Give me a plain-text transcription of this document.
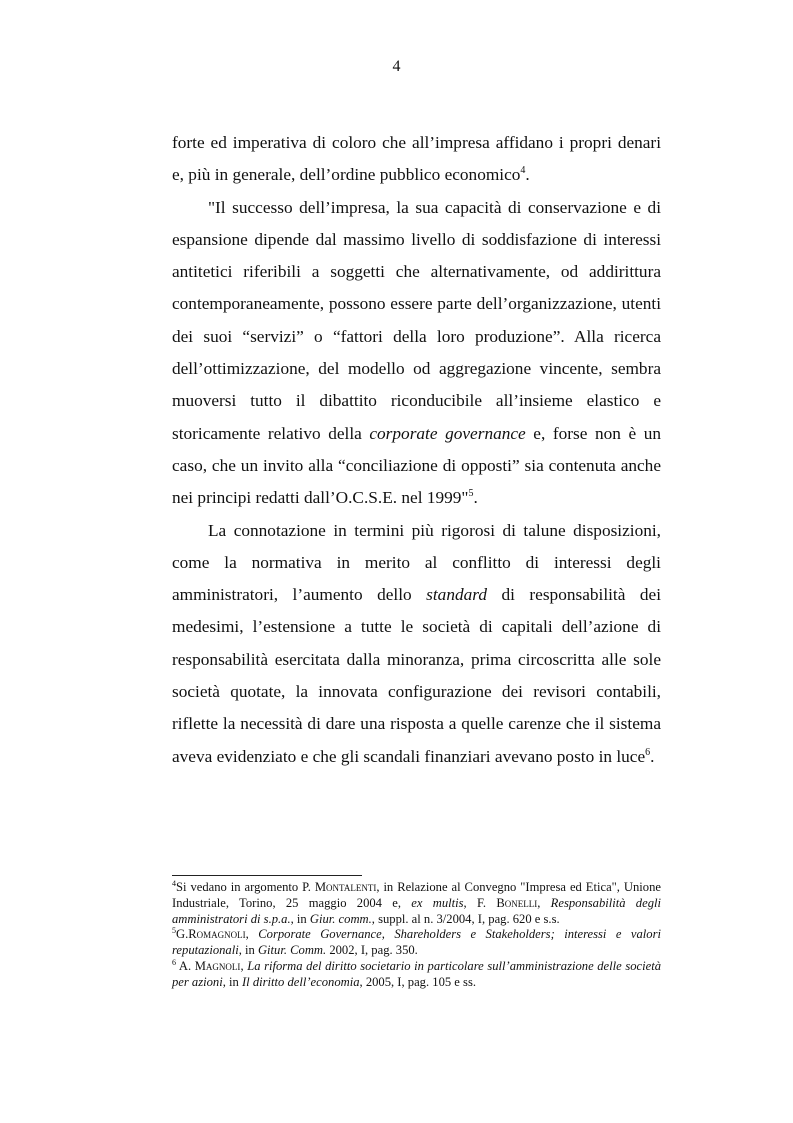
4

forte ed imperativa di coloro che all’impresa affidano i propri denari e, più in generale, dell’ordine pubblico economico$^4$.

"Il successo dell’impresa, la sua capacità di conservazione e di espansione dipende dal massimo livello di soddisfazione di interessi antitetici riferibili a soggetti che alternativamente, od addirittura contemporaneamente, possono essere parte dell’organizzazione, utenti dei suoi “servizi” o “fattori della loro produzione”. Alla ricerca dell’ottimizzazione, del modello od aggregazione vincente, sembra muoversi tutto il dibattito riconducibile all’insieme elastico e storicamente relativo della corporate governance e, forse non è un caso, che un invito alla “conciliazione di opposti” sia contenuta anche nei principi redatti dall’O.C.S.E. nel 1999"$^5$.

La connotazione in termini più rigorosi di talune disposizioni, come la normativa in merito al conflitto di interessi degli amministratori, l’aumento dello standard di responsabilità dei medesimi, l’estensione a tutte le società di capitali dell’azione di responsabilità esercitata dalla minoranza, prima circoscritta alle sole società quotate, la innovata configurazione dei revisori contabili, riflette la necessità di dare una risposta a quelle carenze che il sistema aveva evidenziato e che gli scandali finanziari avevano posto in luce$^6$.

$^4$Si vedano in argomento P. Montalenti, in Relazione al Convegno "Impresa ed Etica", Unione Industriale, Torino, 25 maggio 2004 e, ex multis, F. Bonelli, Responsabilità degli amministratori di s.p.a., in Giur. comm., suppl. al n. 3/2004, I, pag. 620 e s.s.

$^5$G.Romagnoli, Corporate Governance, Shareholders e Stakeholders; interessi e valori reputazionali, in Gitur. Comm. 2002, I, pag. 350.

$^6$ A. Magnoli, La riforma del diritto societario in particolare sull’amministrazione delle società per azioni, in Il diritto dell’economia, 2005, I, pag. 105 e ss.
